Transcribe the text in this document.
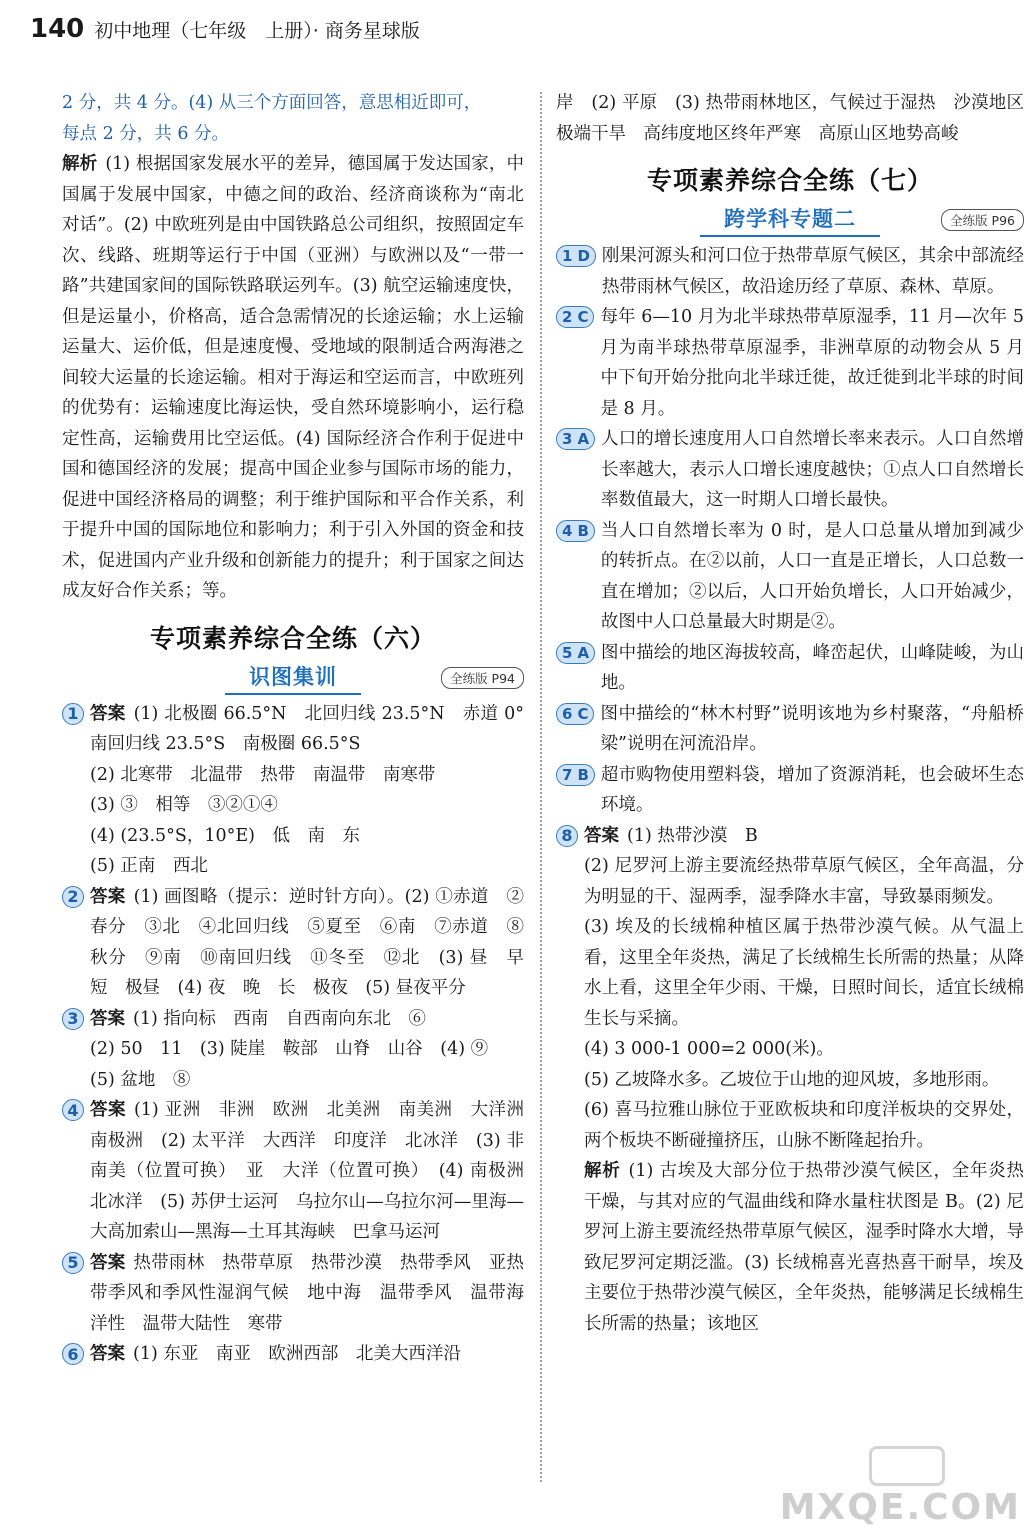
140 初中地理（七年级　上册）· 商务星球版

2 分，共 4 分。(4) 从三个方面回答，意思相近即可，

每点 2 分，共 6 分。

解析 (1) 根据国家发展水平的差异，德国属于发达国家，中国属于发展中国家，中德之间的政治、经济商谈称为“南北对话”。(2) 中欧班列是由中国铁路总公司组织，按照固定车次、线路、班期等运行于中国（亚洲）与欧洲以及“一带一路”共建国家间的国际铁路联运列车。(3) 航空运输速度快，但是运量小，价格高，适合急需情况的长途运输；水上运输运量大、运价低，但是速度慢、受地域的限制适合两海港之间较大运量的长途运输。相对于海运和空运而言，中欧班列的优势有：运输速度比海运快，受自然环境影响小，运行稳定性高，运输费用比空运低。(4) 国际经济合作利于促进中国和德国经济的发展；提高中国企业参与国际市场的能力，促进中国经济格局的调整；利于维护国际和平合作关系，利于提升中国的国际地位和影响力；利于引入外国的资金和技术，促进国内产业升级和创新能力的提升；利于国家之间达成友好合作关系；等。

专项素养综合全练（六）
识图集训	全练版 P94
1 答案 (1) 北极圈 66.5°N　北回归线 23.5°N　赤道 0°　南回归线 23.5°S　南极圈 66.5°S

(2) 北寒带　北温带　热带　南温带　南寒带

(3) ③　相等　③②①④

(4) (23.5°S，10°E)　低　南　东

(5) 正南　西北

2 答案 (1) 画图略（提示：逆时针方向）。(2) ①赤道　②春分　③北　④北回归线　⑤夏至　⑥南　⑦赤道　⑧秋分　⑨南　⑩南回归线　⑪冬至　⑫北　(3) 昼　早　短　极昼　(4) 夜　晚　长　极夜　(5) 昼夜平分

3 答案 (1) 指向标　西南　自西南向东北　⑥

(2) 50　11　(3) 陡崖　鞍部　山脊　山谷　(4) ⑨

(5) 盆地　⑧

4 答案 (1) 亚洲　非洲　欧洲　北美洲　南美洲　大洋洲　南极洲　(2) 太平洋　大西洋　印度洋　北冰洋　(3) 非　南美（位置可换）　亚　大洋（位置可换）　(4) 南极洲　北冰洋　(5) 苏伊士运河　乌拉尔山—乌拉尔河—里海—大高加索山—黑海—土耳其海峡　巴拿马运河

5 答案 热带雨林　热带草原　热带沙漠　热带季风　亚热带季风和季风性湿润气候　地中海　温带季风　温带海洋性　温带大陆性　寒带

6 答案 (1) 东亚　南亚　欧洲西部　北美大西洋沿

岸　(2) 平原　(3) 热带雨林地区，气候过于湿热　沙漠地区极端干旱　高纬度地区终年严寒　高原山区地势高峻

专项素养综合全练（七）
跨学科专题二	全练版 P96
1 D 刚果河源头和河口位于热带草原气候区，其余中部流经热带雨林气候区，故沿途历经了草原、森林、草原。

2 C 每年 6—10 月为北半球热带草原湿季，11 月—次年 5 月为南半球热带草原湿季，非洲草原的动物会从 5 月中下旬开始分批向北半球迁徙，故迁徙到北半球的时间是 8 月。

3 A 人口的增长速度用人口自然增长率来表示。人口自然增长率越大，表示人口增长速度越快；①点人口自然增长率数值最大，这一时期人口增长最快。

4 B 当人口自然增长率为 0 时，是人口总量从增加到减少的转折点。在②以前，人口一直是正增长，人口总数一直在增加；②以后，人口开始负增长，人口开始减少，故图中人口总量最大时期是②。

5 A 图中描绘的地区海拔较高，峰峦起伏，山峰陡峻，为山地。

6 C 图中描绘的“林木村野”说明该地为乡村聚落，“舟船桥梁”说明在河流沿岸。

7 B 超市购物使用塑料袋，增加了资源消耗，也会破坏生态环境。

8 答案 (1) 热带沙漠　B

(2) 尼罗河上游主要流经热带草原气候区，全年高温，分为明显的干、湿两季，湿季降水丰富，导致暴雨频发。

(3) 埃及的长绒棉种植区属于热带沙漠气候。从气温上看，这里全年炎热，满足了长绒棉生长所需的热量；从降水上看，这里全年少雨、干燥，日照时间长，适宜长绒棉生长与采摘。

(4) 3 000-1 000=2 000(米)。

(5) 乙坡降水多。乙坡位于山地的迎风坡，多地形雨。

(6) 喜马拉雅山脉位于亚欧板块和印度洋板块的交界处，两个板块不断碰撞挤压，山脉不断隆起抬升。

解析 (1) 古埃及大部分位于热带沙漠气候区，全年炎热干燥，与其对应的气温曲线和降水量柱状图是 B。(2) 尼罗河上游主要流经热带草原气候区，湿季时降水大增，导致尼罗河定期泛滥。(3) 长绒棉喜光喜热喜干耐旱，埃及主要位于热带沙漠气候区，全年炎热，能够满足长绒棉生长所需的热量；该地区

MXQE.COM
